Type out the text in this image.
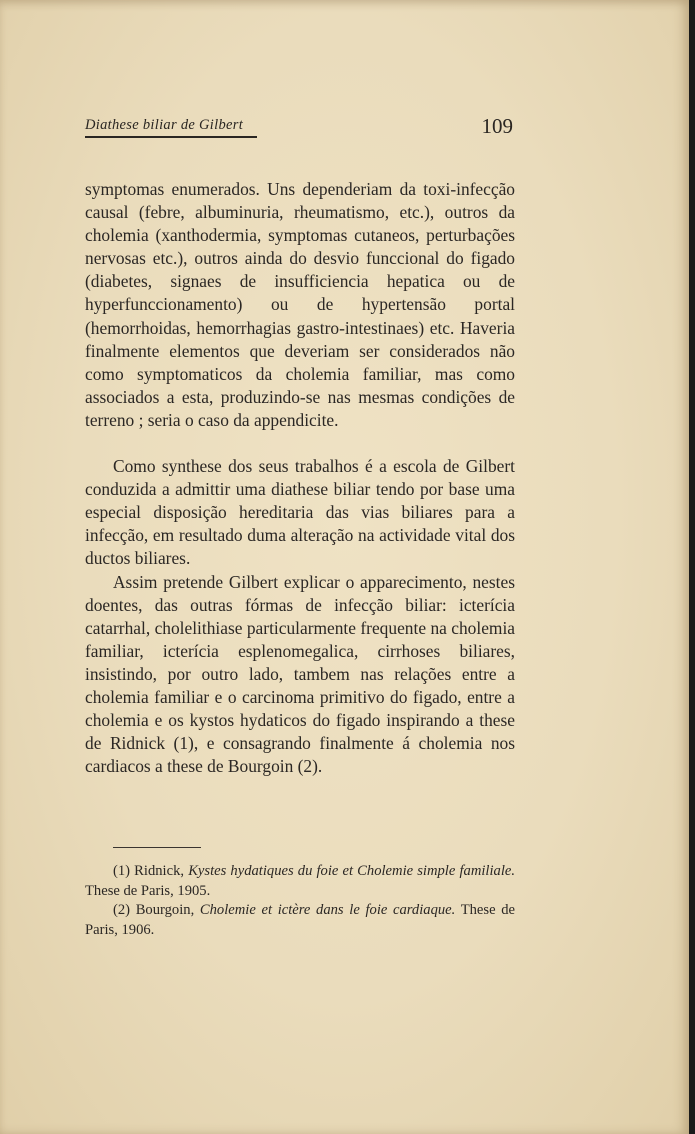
Diathese biliar de Gilbert	109

symptomas enumerados. Uns dependeriam da toxi-infecção causal (febre, albuminuria, rheumatismo, etc.), outros da cholemia (xanthodermia, symptomas cutaneos, perturbações nervosas etc.), outros ainda do desvio funccional do figado (diabetes, signaes de insufficiencia hepatica ou de hyperfunccionamento) ou de hypertensão portal (hemorrhoidas, hemorrhagias gastro-intestinaes) etc. Haveria finalmente elementos que deveriam ser considerados não como symptomaticos da cholemia familiar, mas como associados a esta, produzindo-se nas mesmas condições de terreno ; seria o caso da appendicite.

Como synthese dos seus trabalhos é a escola de Gilbert conduzida a admittir uma diathese biliar tendo por base uma especial disposição hereditaria das vias biliares para a infecção, em resultado duma alteração na actividade vital dos ductos biliares.

Assim pretende Gilbert explicar o apparecimento, nestes doentes, das outras fórmas de infecção biliar: icterícia catarrhal, cholelithiase particularmente frequente na cholemia familiar, icterícia esplenomegalica, cirrhoses biliares, insistindo, por outro lado, tambem nas relações entre a cholemia familiar e o carcinoma primitivo do figado, entre a cholemia e os kystos hydaticos do figado inspirando a these de Ridnick (1), e consagrando finalmente á cholemia nos cardiacos a these de Bourgoin (2).

(1) Ridnick, Kystes hydatiques du foie et Cholemie simple familiale. These de Paris, 1905.

(2) Bourgoin, Cholemie et ictère dans le foie cardiaque. These de Paris, 1906.
